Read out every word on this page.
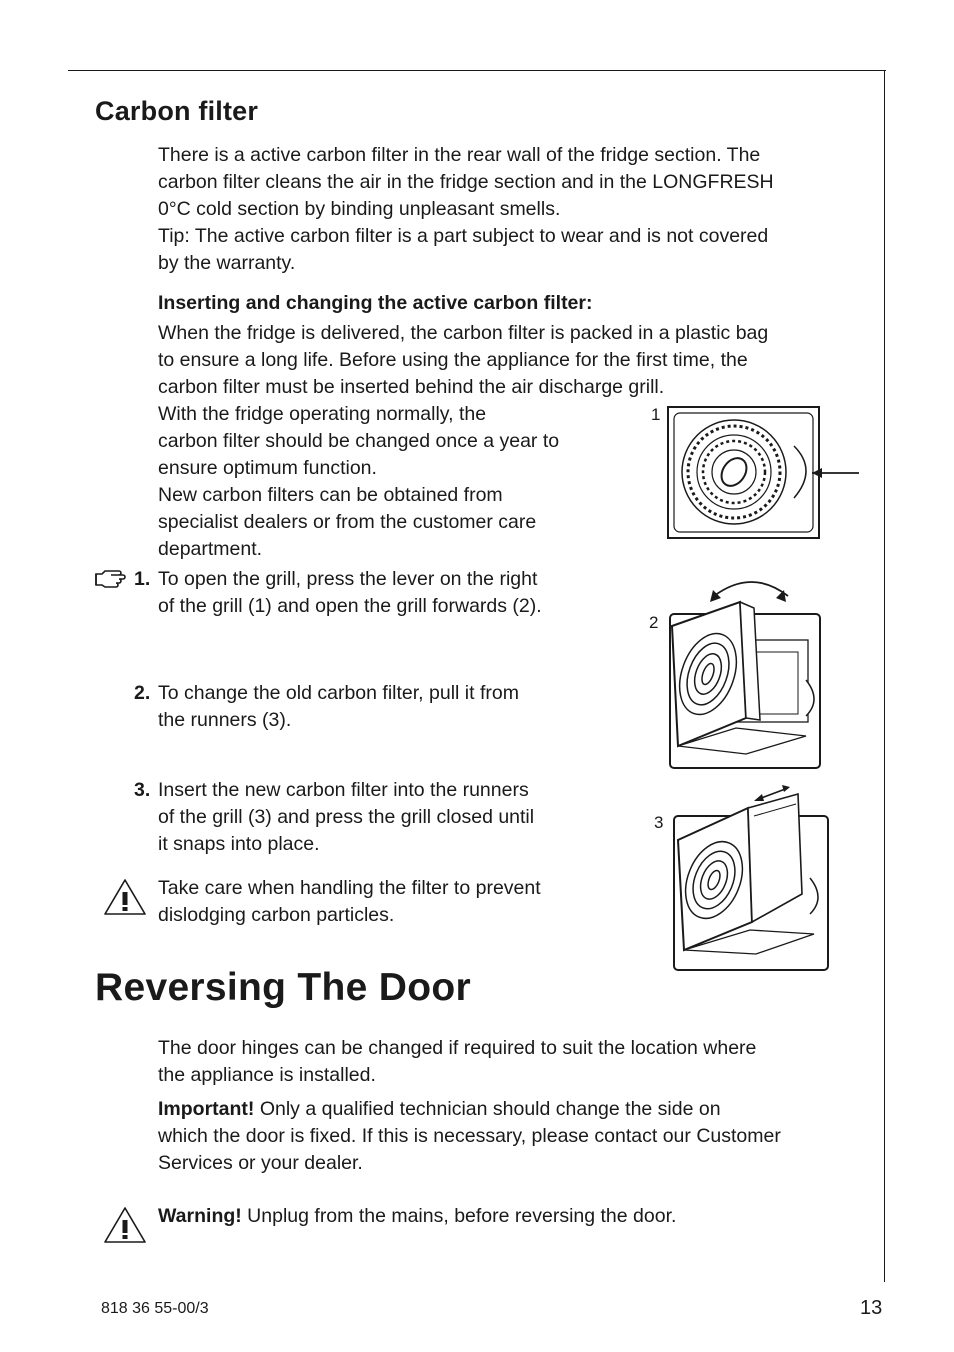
Carbon filter
There is a active carbon filter in the rear wall of the fridge section. The
carbon filter cleans the air in the fridge section and in the LONGFRESH
0°C cold section by binding unpleasant smells.
Tip: The active carbon filter is a part subject to wear and is not covered
by the warranty.
Inserting and changing the active carbon filter:
When the fridge is delivered, the carbon filter is packed in a plastic bag
to ensure a long life. Before using the appliance for the first time, the
carbon filter must be inserted behind the air discharge grill.
With the fridge operating normally, the
carbon filter should be changed once a year to
ensure optimum function.
New carbon filters can be obtained from
specialist dealers or from the customer care
department.
1. To open the grill, press the lever on the right
of the grill (1) and open the grill forwards (2).
2. To change the old carbon filter, pull it from
the runners (3).
3. Insert the new carbon filter into the runners
of the grill (3) and press the grill closed until
it snaps into place.
Take care when handling the filter to prevent
dislodging carbon particles.
1
2
3
Reversing The Door
The door hinges can be changed if required to suit the location where
the appliance is installed.
Important! Only a qualified technician should change the side on
which the door is fixed. If this is necessary, please contact our Customer
Services or your dealer.
Warning! Unplug from the mains, before reversing the door.
818 36 55-00/3	13
